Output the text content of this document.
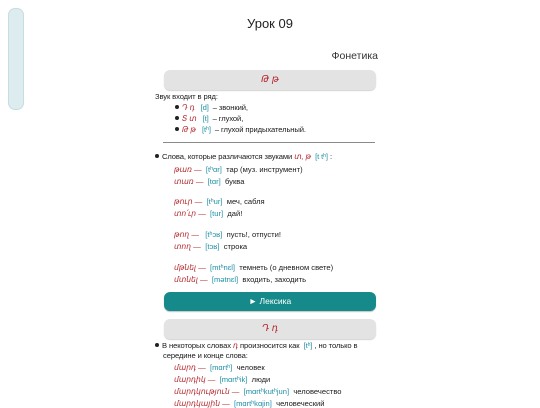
Урок 09
Фонетика
Թ թ
Звук входит в ряд:
Դ դ [d] – звонкий,
Տ տ [t] – глухой,
Թ թ [tʰ] – глухой придыхательный.
Слова, которые различаются звуками տ, թ [t tʰ] :
թառ — [tʰɑr] тар (муз. инструмент)
տառ — [tɑr] буква
թուր — [tʰur] меч, сабля
տո՛ւր — [tur] дай!
թող — [tʰɔʁ] пусть!, отпусти!
տող — [tɔʁ] строка
մթնել — [mtʰnɛl] темнеть (о дневном свете)
մտնել — [mətnɛl] входить, заходить
► Лексика
Դ դ
В некоторых словах դ произносится как [tʰ] , но только в
середине и конце слова:
մարդ — [mɑrtʰ] человек
մարդիկ — [mɑrtʰik] люди
մարդկություն — [mɑrtʰkutʰjun] человечество
մարդկային — [mɑrtʰkɑjin] человеческий
